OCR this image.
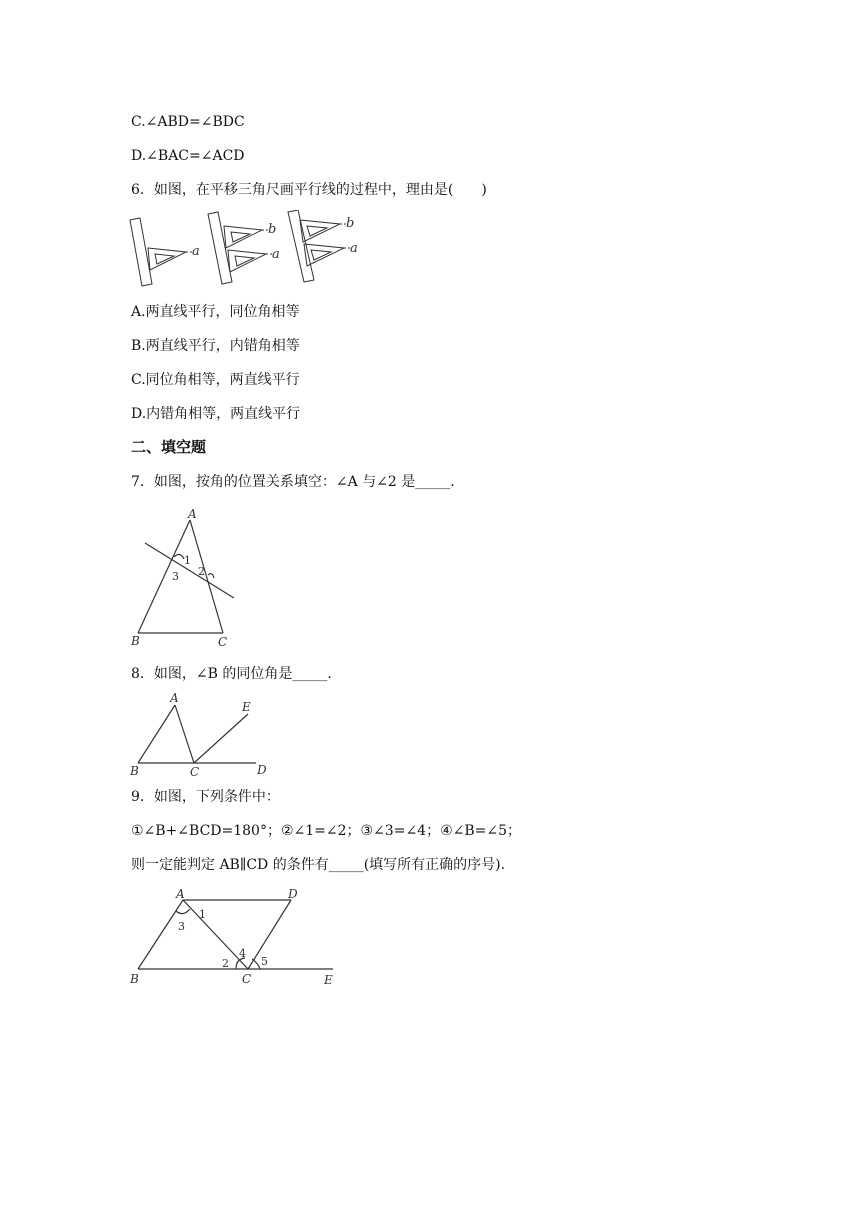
C.∠ABD=∠BDC
D.∠BAC=∠ACD
6．如图，在平移三角尺画平行线的过程中，理由是(　　)
a
b
a
b
a
A.两直线平行，同位角相等
B.两直线平行，内错角相等
C.同位角相等，两直线平行
D.内错角相等，两直线平行
二、填空题
7．如图，按角的位置关系填空：∠A 与∠2 是_____.
A
B	C
1
2
3
8．如图，∠B 的同位角是_____.
A
B	C	D
E
9．如图，下列条件中：
①∠B+∠BCD=180°；②∠1=∠2；③∠3=∠4；④∠B=∠5；
则一定能判定 AB∥CD 的条件有_____(填写所有正确的序号).
A
B	C
D
E
1
2
3
4
5
